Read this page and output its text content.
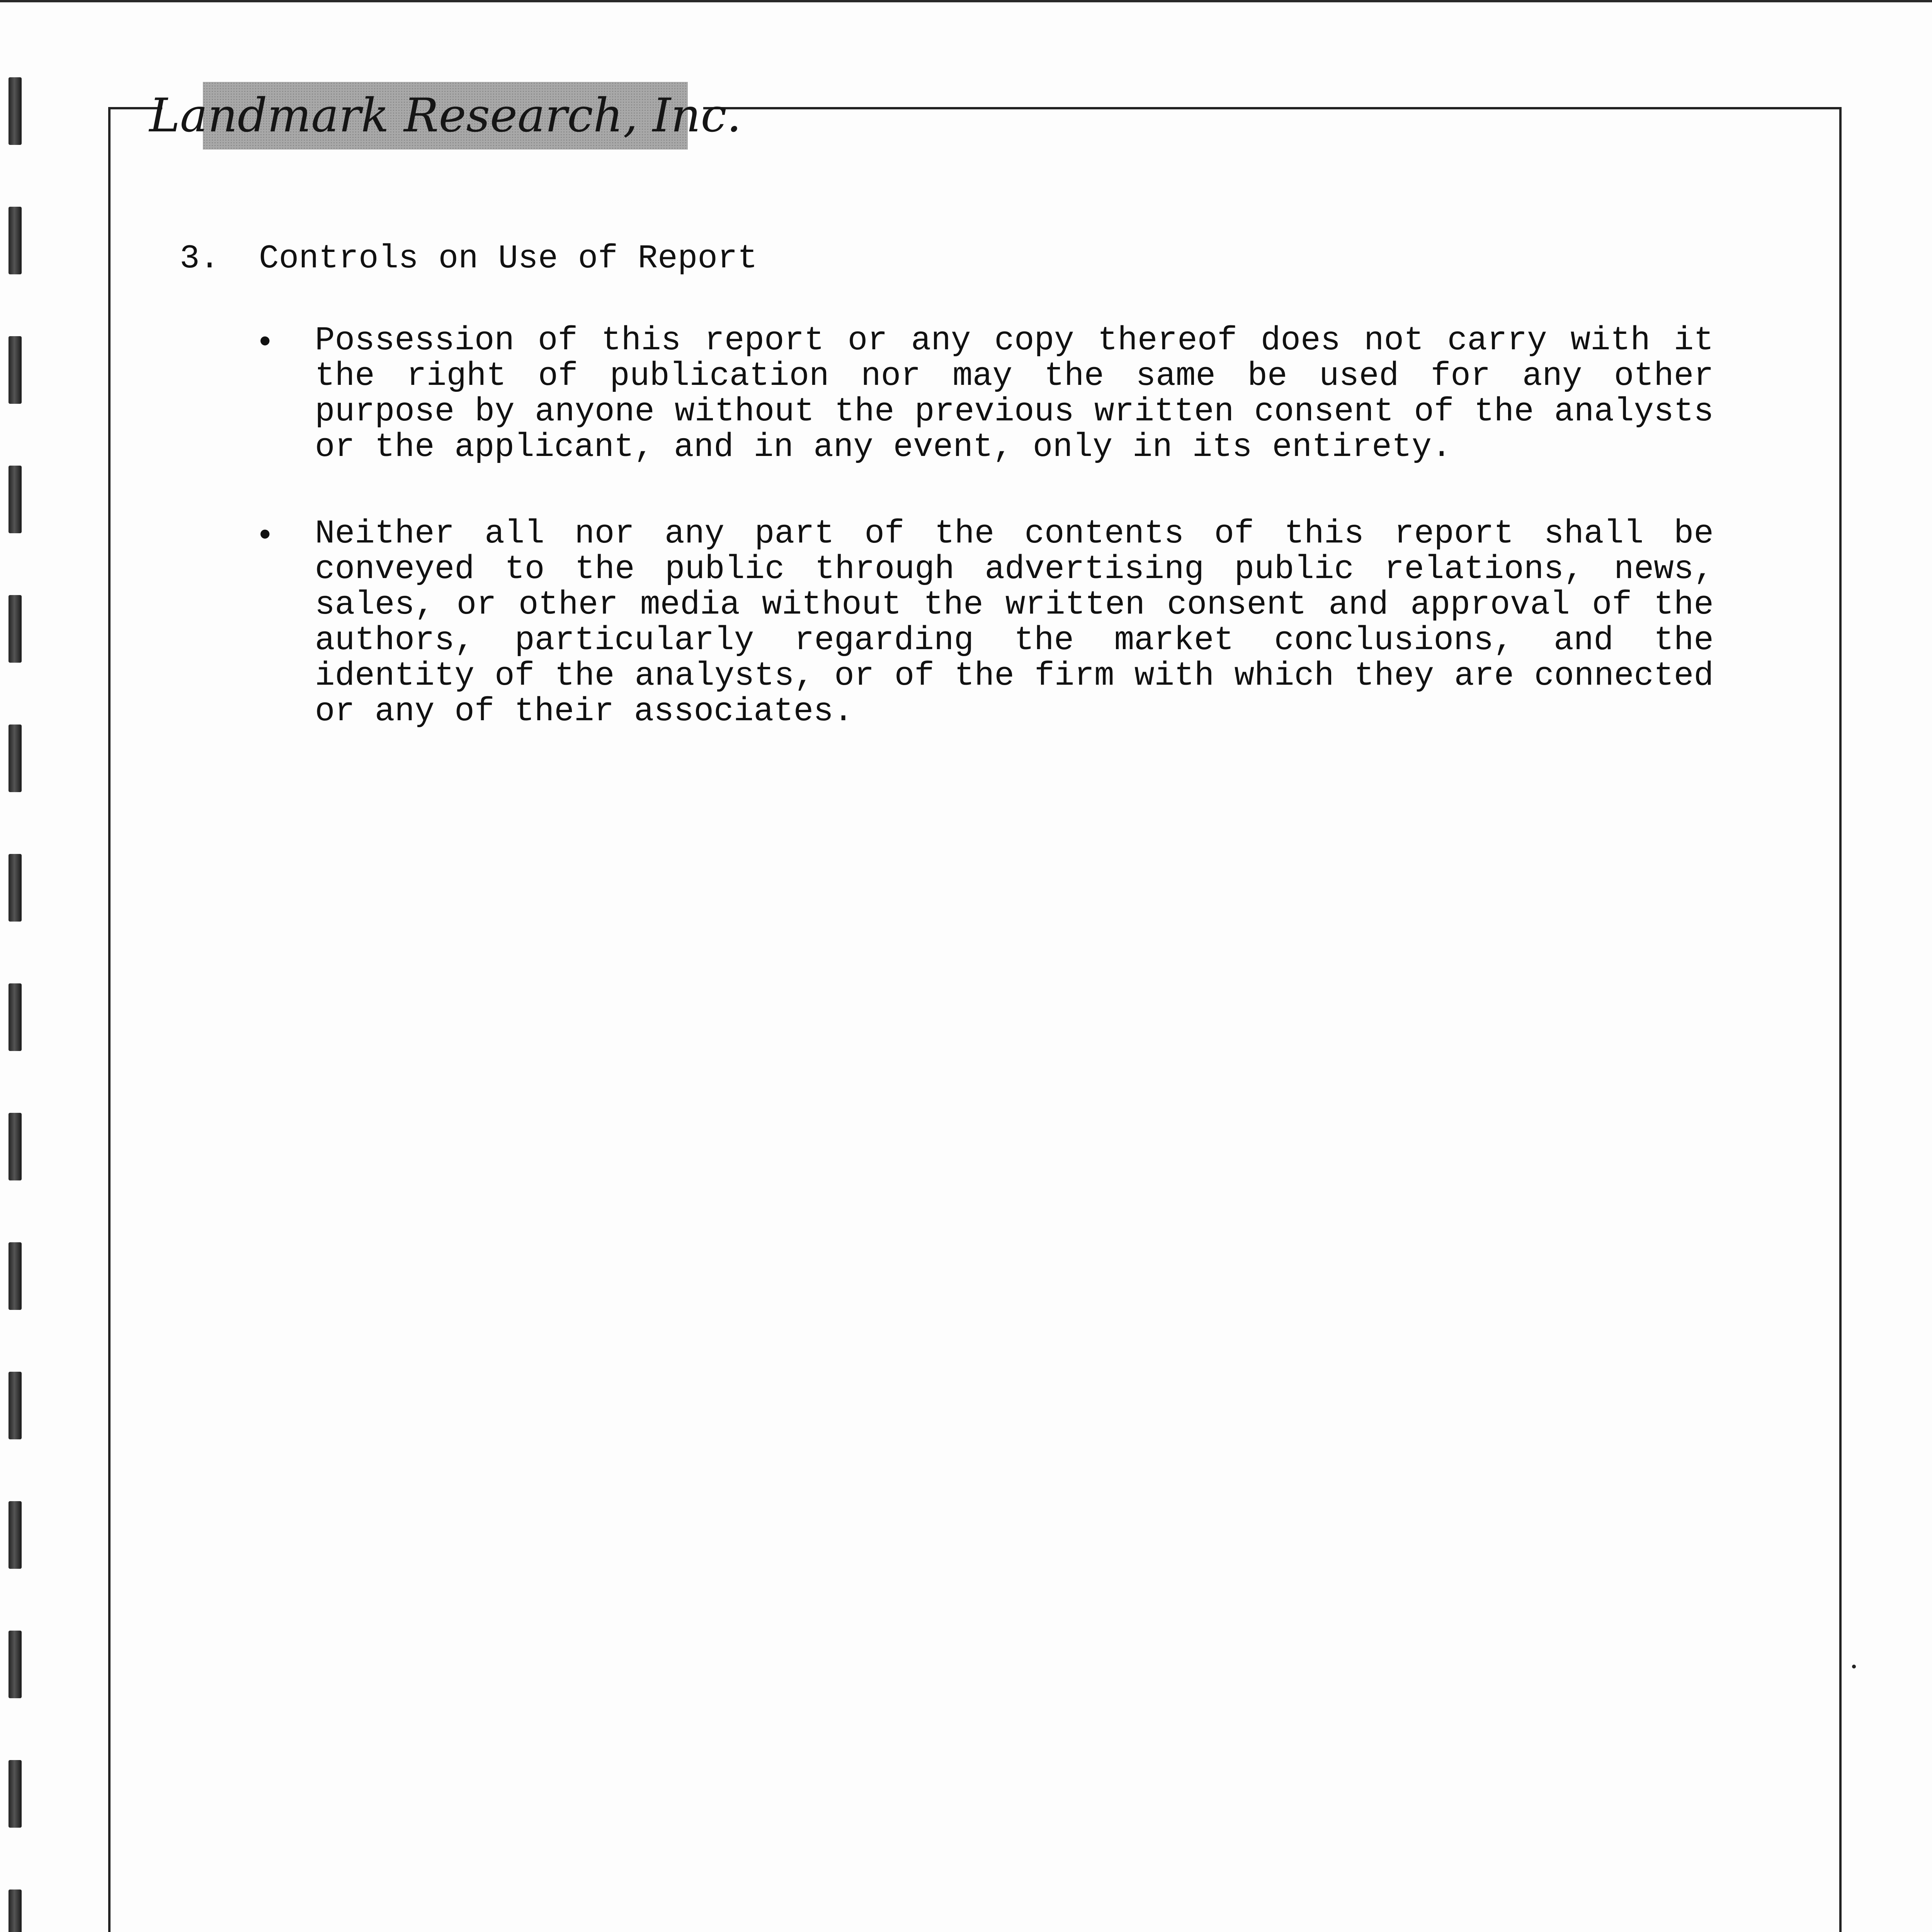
Landmark Research, Inc.
3. Controls on Use of Report
• Possession of this report or any copy thereof does not carry with it the right of publication nor may the same be used for any other purpose by anyone without the previous written consent of the analysts or the applicant, and in any event, only in its entirety.

• Neither all nor any part of the contents of this report shall be conveyed to the public through advertising public relations, news, sales, or other media without the written consent and approval of the authors, particularly regarding the market conclusions, and the identity of the analysts, or of the firm with which they are connected or any of their associates.
